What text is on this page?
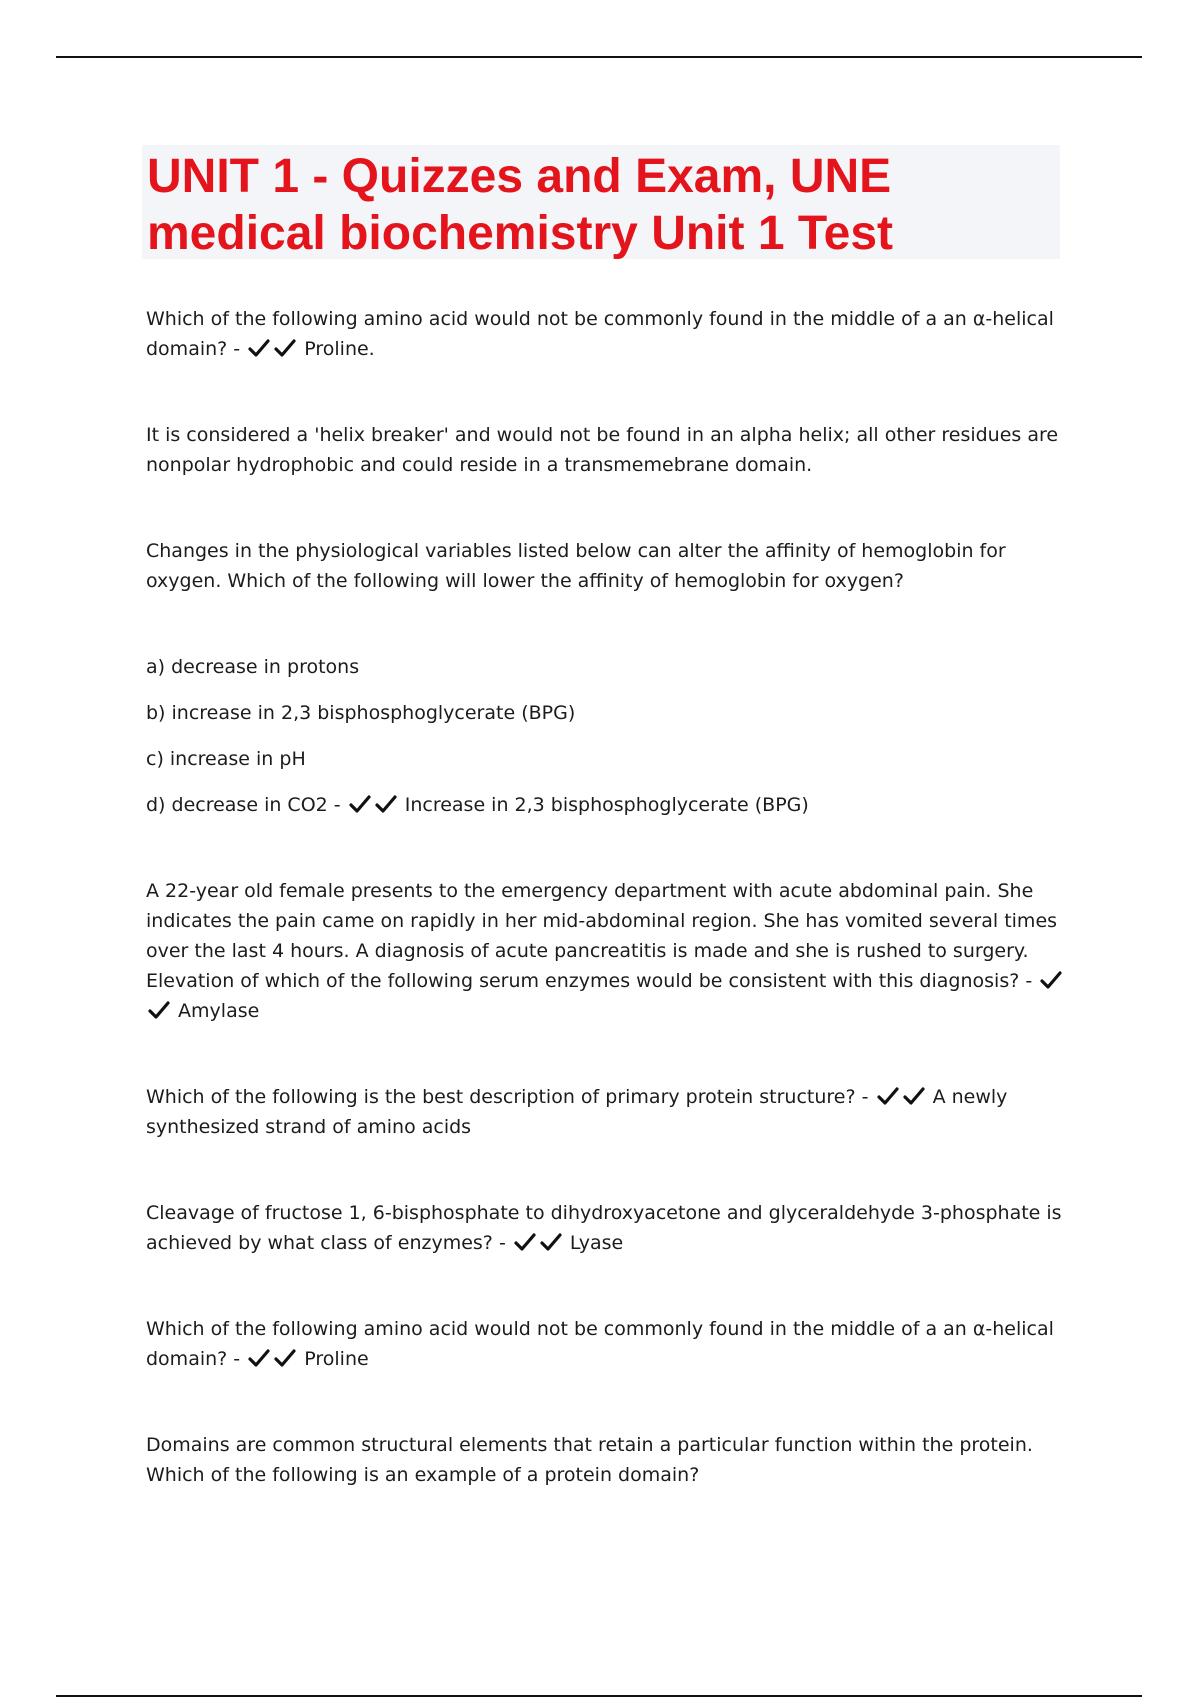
UNIT 1 - Quizzes and Exam, UNE medical biochemistry Unit 1 Test

Which of the following amino acid would not be commonly found in the middle of a an α-helical domain? -	Proline.

It is considered a 'helix breaker' and would not be found in an alpha helix; all other residues are nonpolar hydrophobic and could reside in a transmemebrane domain.

Changes in the physiological variables listed below can alter the affinity of hemoglobin for oxygen. Which of the following will lower the affinity of hemoglobin for oxygen?

a) decrease in protons

b) increase in 2,3 bisphosphoglycerate (BPG)

c) increase in pH

d) decrease in CO2 -	Increase in 2,3 bisphosphoglycerate (BPG)

A 22-year old female presents to the emergency department with acute abdominal pain. She indicates the pain came on rapidly in her mid-abdominal region. She has vomited several times over the last 4 hours. A diagnosis of acute pancreatitis is made and she is rushed to surgery. Elevation of which of the following serum enzymes would be consistent with this diagnosis? -
Amylase

Which of the following is the best description of primary protein structure? -	A newly synthesized strand of amino acids

Cleavage of fructose 1, 6-bisphosphate to dihydroxyacetone and glyceraldehyde 3-phosphate is achieved by what class of enzymes? -	Lyase

Which of the following amino acid would not be commonly found in the middle of a an α-helical domain? -	Proline

Domains are common structural elements that retain a particular function within the protein. Which of the following is an example of a protein domain?
